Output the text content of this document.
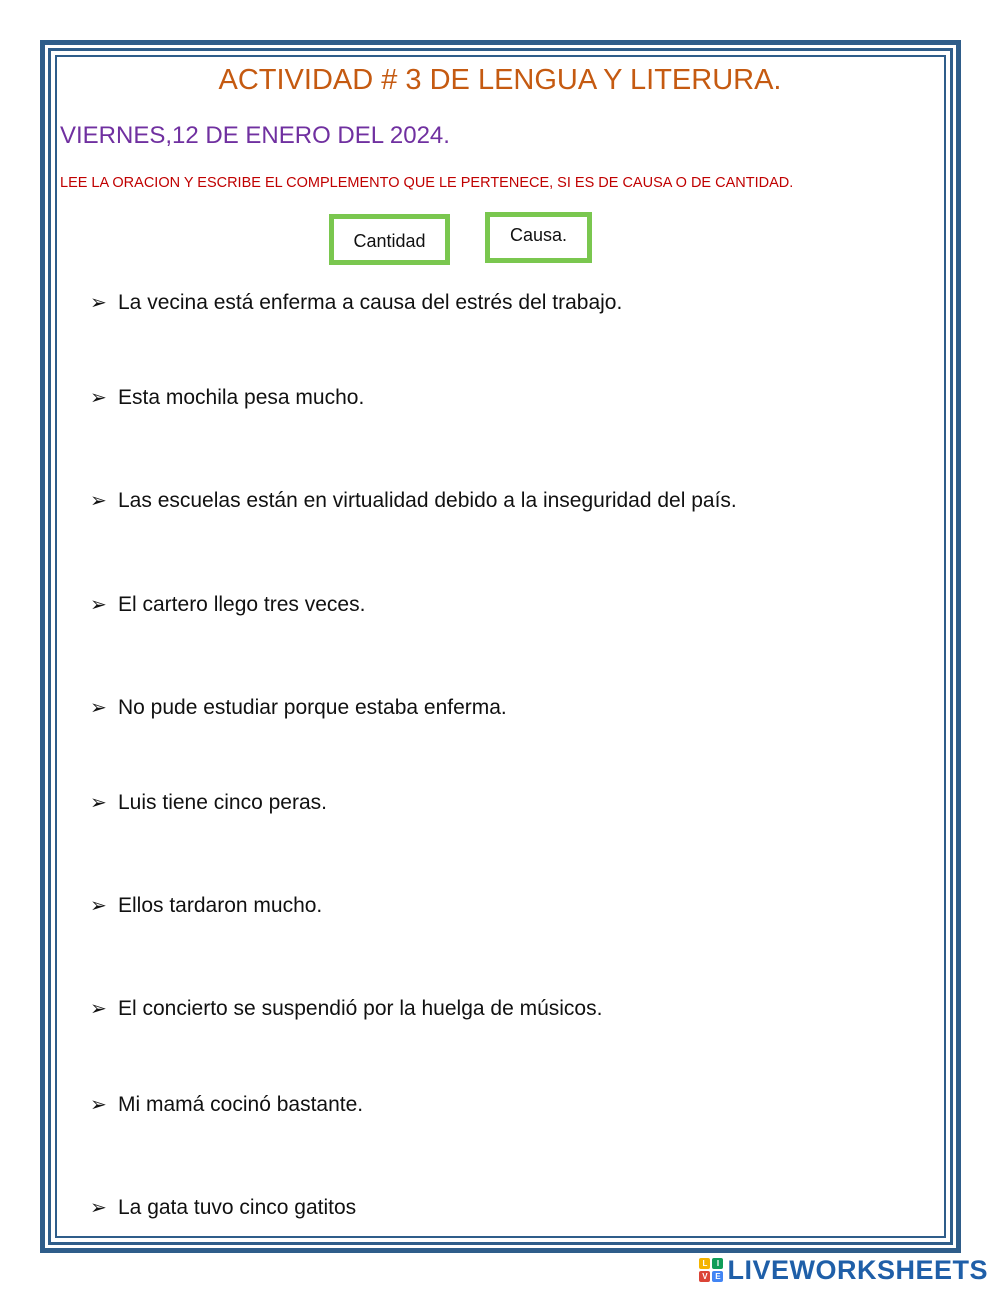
ACTIVIDAD # 3 DE LENGUA Y LITERURA.
VIERNES,12 DE ENERO DEL 2024.
LEE LA ORACION Y ESCRIBE EL COMPLEMENTO QUE LE PERTENECE, SI ES DE CAUSA O DE CANTIDAD.
Cantidad	Causa.
➢ La vecina está enferma a causa del estrés del trabajo.
➢ Esta mochila pesa mucho.
➢ Las escuelas están en virtualidad debido a la inseguridad del país.
➢ El cartero llego tres veces.
➢ No pude estudiar porque estaba enferma.
➢ Luis tiene cinco peras.
➢ Ellos tardaron mucho.
➢ El concierto se suspendió por la huelga de músicos.
➢ Mi mamá cocinó bastante.
➢ La gata tuvo cinco gatitos
L	I
V E LIVEWORKSHEETS
